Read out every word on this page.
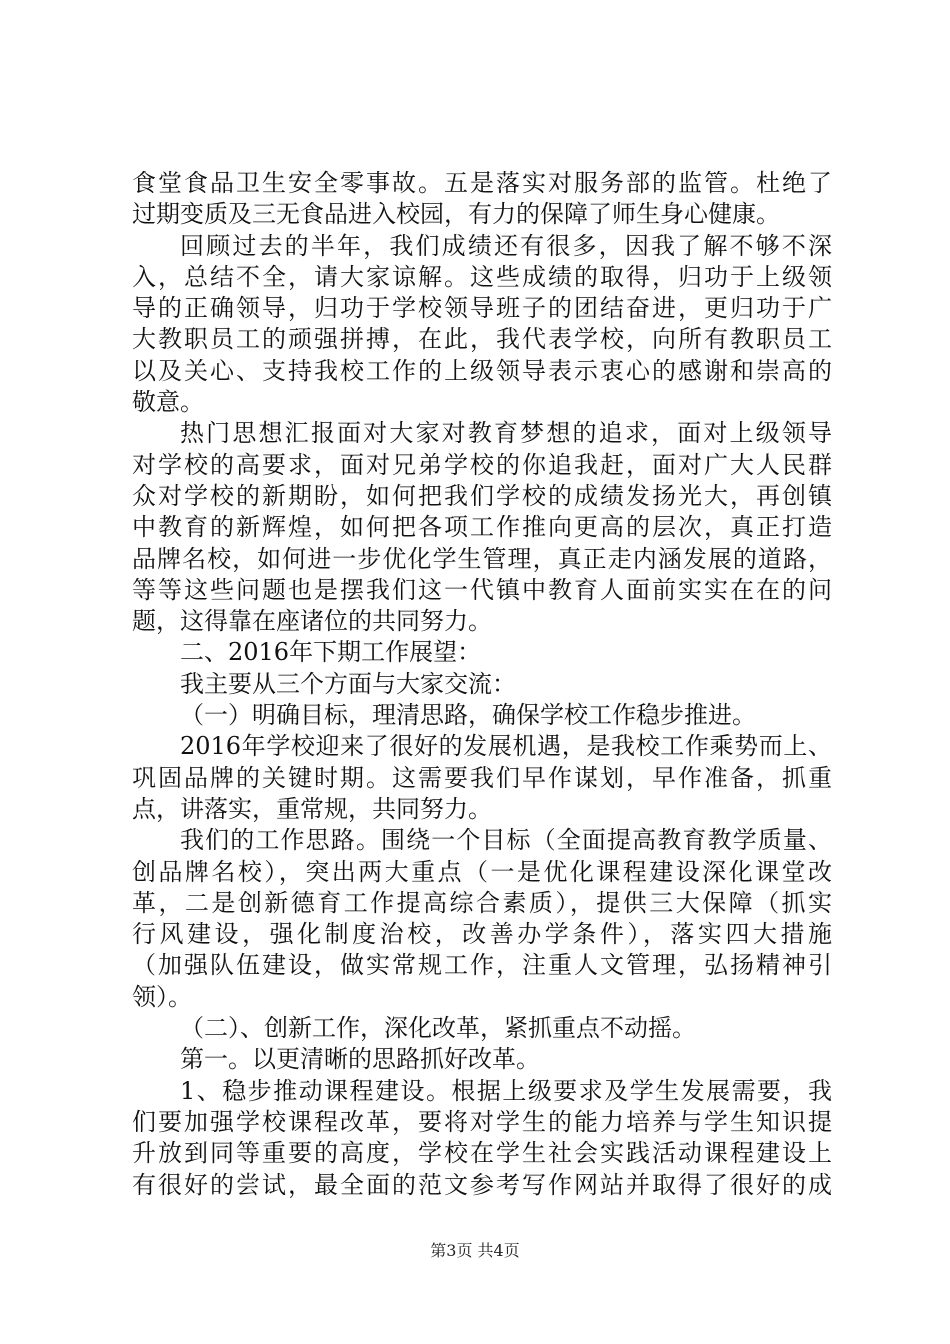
食堂食品卫生安全零事故。五是落实对服务部的监管。杜绝了
过期变质及三无食品进入校园，有力的保障了师生身心健康。
回顾过去的半年，我们成绩还有很多，因我了解不够不深
入，总结不全，请大家谅解。这些成绩的取得，归功于上级领
导的正确领导，归功于学校领导班子的团结奋进，更归功于广
大教职员工的顽强拼搏，在此，我代表学校，向所有教职员工
以及关心、支持我校工作的上级领导表示衷心的感谢和崇高的
敬意。
热门思想汇报面对大家对教育梦想的追求，面对上级领导
对学校的高要求，面对兄弟学校的你追我赶，面对广大人民群
众对学校的新期盼，如何把我们学校的成绩发扬光大，再创镇
中教育的新辉煌，如何把各项工作推向更高的层次，真正打造
品牌名校，如何进一步优化学生管理，真正走内涵发展的道路，
等等这些问题也是摆我们这一代镇中教育人面前实实在在的问
题，这得靠在座诸位的共同努力。
二、2016年下期工作展望：
我主要从三个方面与大家交流：
（一）明确目标，理清思路，确保学校工作稳步推进。
2016年学校迎来了很好的发展机遇，是我校工作乘势而上、
巩固品牌的关键时期。这需要我们早作谋划，早作准备，抓重
点，讲落实，重常规，共同努力。
我们的工作思路。围绕一个目标（全面提高教育教学质量、
创品牌名校），突出两大重点（一是优化课程建设深化课堂改
革，二是创新德育工作提高综合素质），提供三大保障（抓实
行风建设，强化制度治校，改善办学条件），落实四大措施
（加强队伍建设，做实常规工作，注重人文管理，弘扬精神引
领）。
（二）、创新工作，深化改革，紧抓重点不动摇。
第一。以更清晰的思路抓好改革。
1、稳步推动课程建设。根据上级要求及学生发展需要，我
们要加强学校课程改革，要将对学生的能力培养与学生知识提
升放到同等重要的高度，学校在学生社会实践活动课程建设上
有很好的尝试，最全面的范文参考写作网站并取得了很好的成
第3页 共4页
